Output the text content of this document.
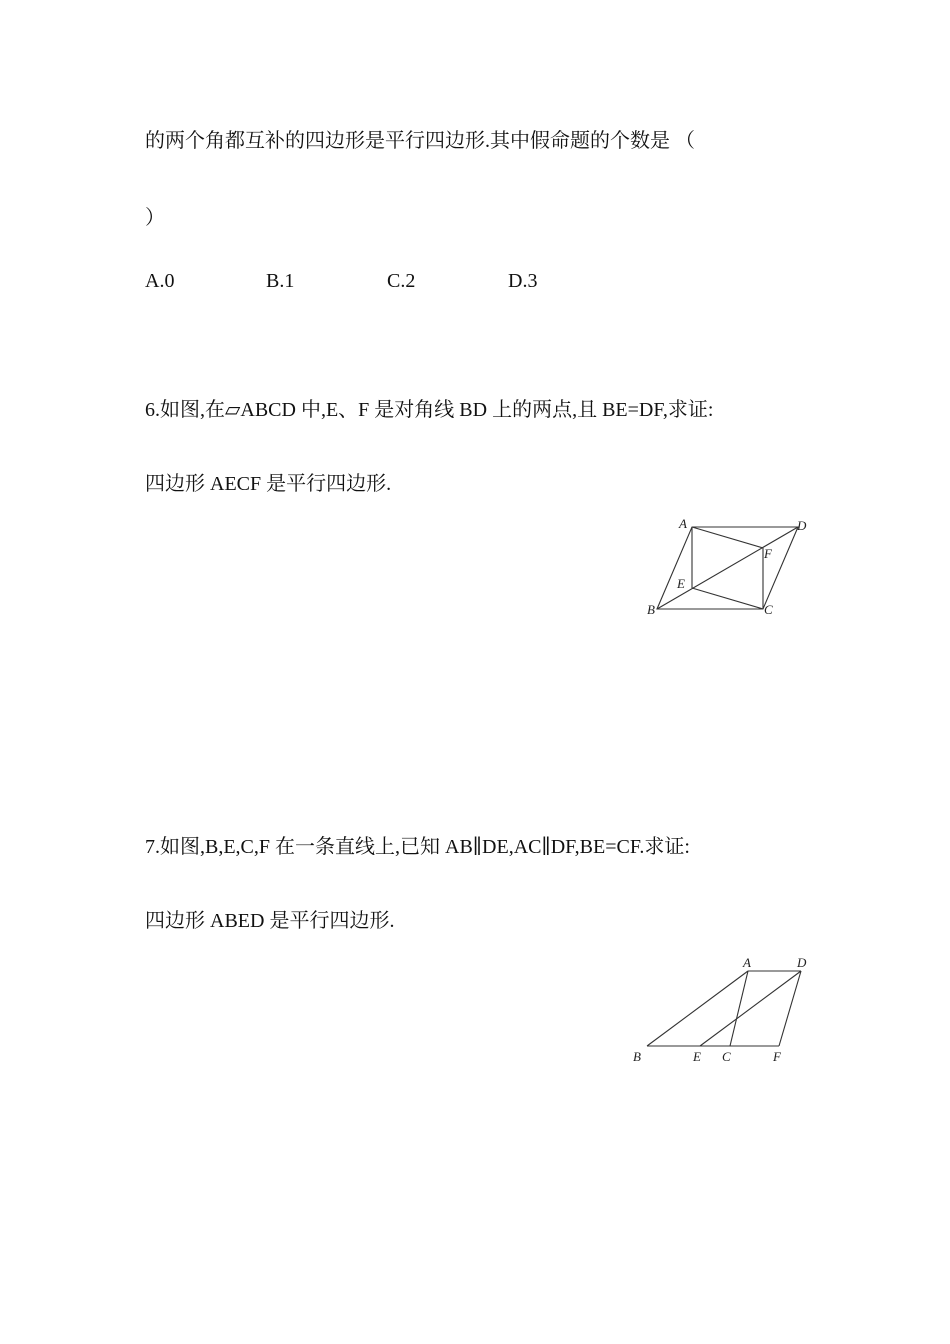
的两个角都互补的四边形是平行四边形.其中假命题的个数是 （
）
A.0	B.1	C.2	D.3
6.如图,在▱ABCD 中,E、F 是对角线 BD 上的两点,且 BE=DF,求证:
四边形 AECF 是平行四边形.
A	D
F
E
B	C
7.如图,B,E,C,F 在一条直线上,已知 AB∥DE,AC∥DF,BE=CF.求证:
四边形 ABED 是平行四边形.
A	D
B	E C	F
